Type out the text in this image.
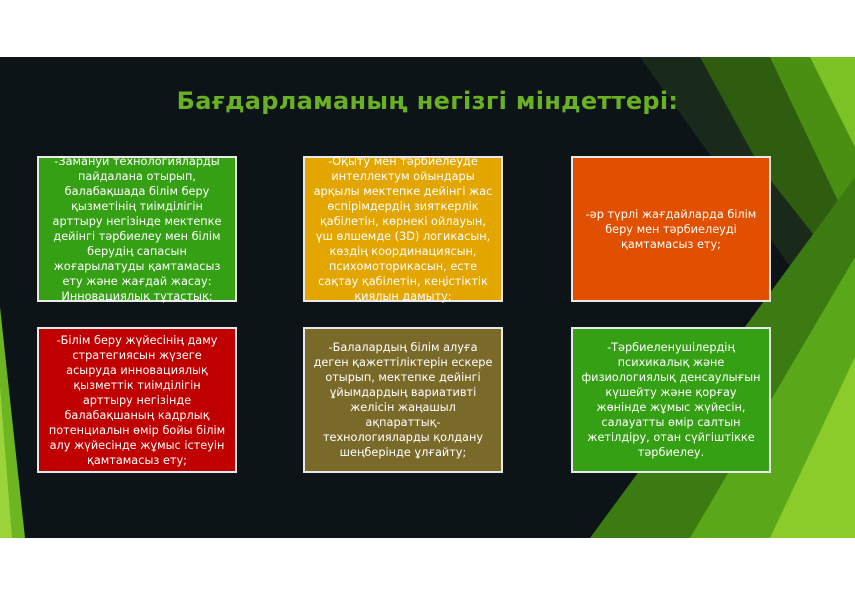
Бағдарламаның негізгі міндеттері:
-Замануи технологияларды пайдалана отырып, балабақшада білім беру қызметінің тиімділігін арттыру негізінде мектепке дейінгі тәрбиелеу мен білім берудің сапасын жоғарылатуды қамтамасыз ету және жағдай жасау: Инновациялық тұтастық;
-Оқыту мен тәрбиелеуде интеллектум ойындары арқылы мектепке дейінгі жас өспірімдердің зияткерлік қабілетін, көрнекі ойлауын, үш өлшемде (3D) логикасын, көздің координациясын, психомоторикасын, есте сақтау қабілетін, кеңістіктік қиялын дамыту;
-әр түрлі жағдайларда білім беру мен тәрбиелеуді қамтамасыз ету;
-Білім беру жүйесінің даму стратегиясын жүзеге асыруда инновациялық қызметтік тиімділігін арттыру негізінде балабақшаның кадрлық потенциалын өмір бойы білім алу жүйесінде жұмыс істеуін қамтамасыз ету;
-Балалардың білім алуға деген қажеттіліктерін ескере отырып, мектепке дейінгі ұйымдардың вариативті желісін жаңашыл ақпараттық-технологияларды қолдану шеңберінде ұлғайту;
-Тәрбиеленушілердің психикалық және физиологиялық денсаулығын күшейту және қорғау жөнінде жұмыс жүйесін, салауатты өмір салтын жетілдіру, отан сүйгіштікке тәрбиелеу.
